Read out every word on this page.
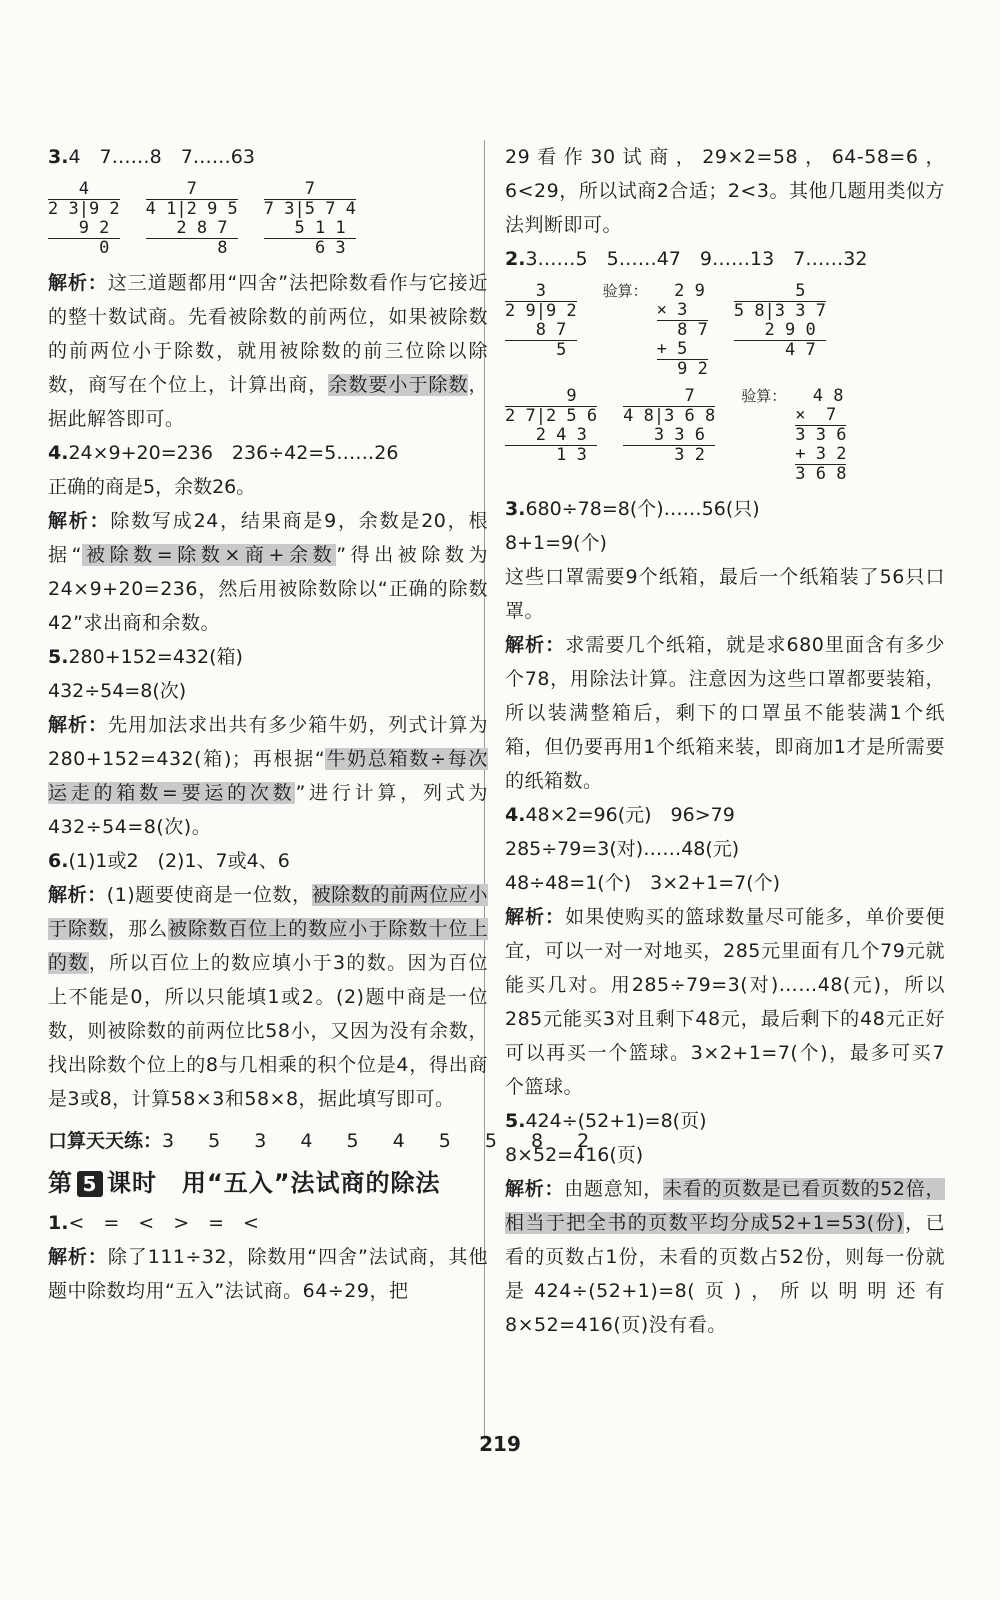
3.4　7……8　7……63
4
2 3|9 2
9 2
0
7
4 1|2 9 5
2 8 7
8
7
7 3|5 7 4
5 1 1
6 3
解析：这三道题都用“四舍”法把除数看作与它接近的整十数试商。先看被除数的前两位，如果被除数的前两位小于除数，就用被除数的前三位除以除数，商写在个位上，计算出商，余数要小于除数，据此解答即可。
4.24×9+20=236　236÷42=5……26
正确的商是5，余数26。
解析：除数写成24，结果商是9，余数是20，根据“被除数=除数×商+余数”得出被除数为24×9+20=236，然后用被除数除以“正确的除数42”求出商和余数。
5.280+152=432(箱)
432÷54=8(次)
解析：先用加法求出共有多少箱牛奶，列式计算为280+152=432(箱)；再根据“牛奶总箱数÷每次运走的箱数=要运的次数”进行计算，列式为432÷54=8(次)。
6.(1)1或2　(2)1、7或4、6
解析：(1)题要使商是一位数，被除数的前两位应小于除数，那么被除数百位上的数应小于除数十位上的数，所以百位上的数应填小于3的数。因为百位上不能是0，所以只能填1或2。(2)题中商是一位数，则被除数的前两位比58小，又因为没有余数，找出除数个位上的8与几相乘的积个位是4，得出商是3或8，计算58×3和58×8，据此填写即可。
口算天天练：3 5 3 4 5 4 5 5 8 2
第 5 课时　用“五入”法试商的除法
1.<　=　<　>　=　<
解析：除了111÷32，除数用“四舍”法试商，其他题中除数均用“五入”法试商。64÷29，把
29看作30试商，29×2=58，64-58=6，6<29，所以试商2合适；2<3。其他几题用类似方法判断即可。
2.3……5　5……47　9……13　7……32
3
2 9|9 2
8 7
5
验算：  2 9
× 3
8 7
+ 5
9 2
5
5 8|3 3 7
2 9 0
4 7
9
2 7|2 5 6
2 4 3
1 3
7
4 8|3 6 8
3 3 6
3 2
验算：  4 8
×  7
3 3 6
+ 3 2
3 6 8
3.680÷78=8(个)……56(只)
8+1=9(个)
这些口罩需要9个纸箱，最后一个纸箱装了56只口罩。
解析：求需要几个纸箱，就是求680里面含有多少个78，用除法计算。注意因为这些口罩都要装箱，所以装满整箱后，剩下的口罩虽不能装满1个纸箱，但仍要再用1个纸箱来装，即商加1才是所需要的纸箱数。
4.48×2=96(元)　96>79
285÷79=3(对)……48(元)
48÷48=1(个)　3×2+1=7(个)
解析：如果使购买的篮球数量尽可能多，单价要便宜，可以一对一对地买，285元里面有几个79元就能买几对。用285÷79=3(对)……48(元)，所以285元能买3对且剩下48元，最后剩下的48元正好可以再买一个篮球。3×2+1=7(个)，最多可买7个篮球。
5.424÷(52+1)=8(页)
8×52=416(页)
解析：由题意知，未看的页数是已看页数的52倍，相当于把全书的页数平均分成52+1=53(份)，已看的页数占1份，未看的页数占52份，则每一份就是424÷(52+1)=8(页)，所以明明还有8×52=416(页)没有看。
219
